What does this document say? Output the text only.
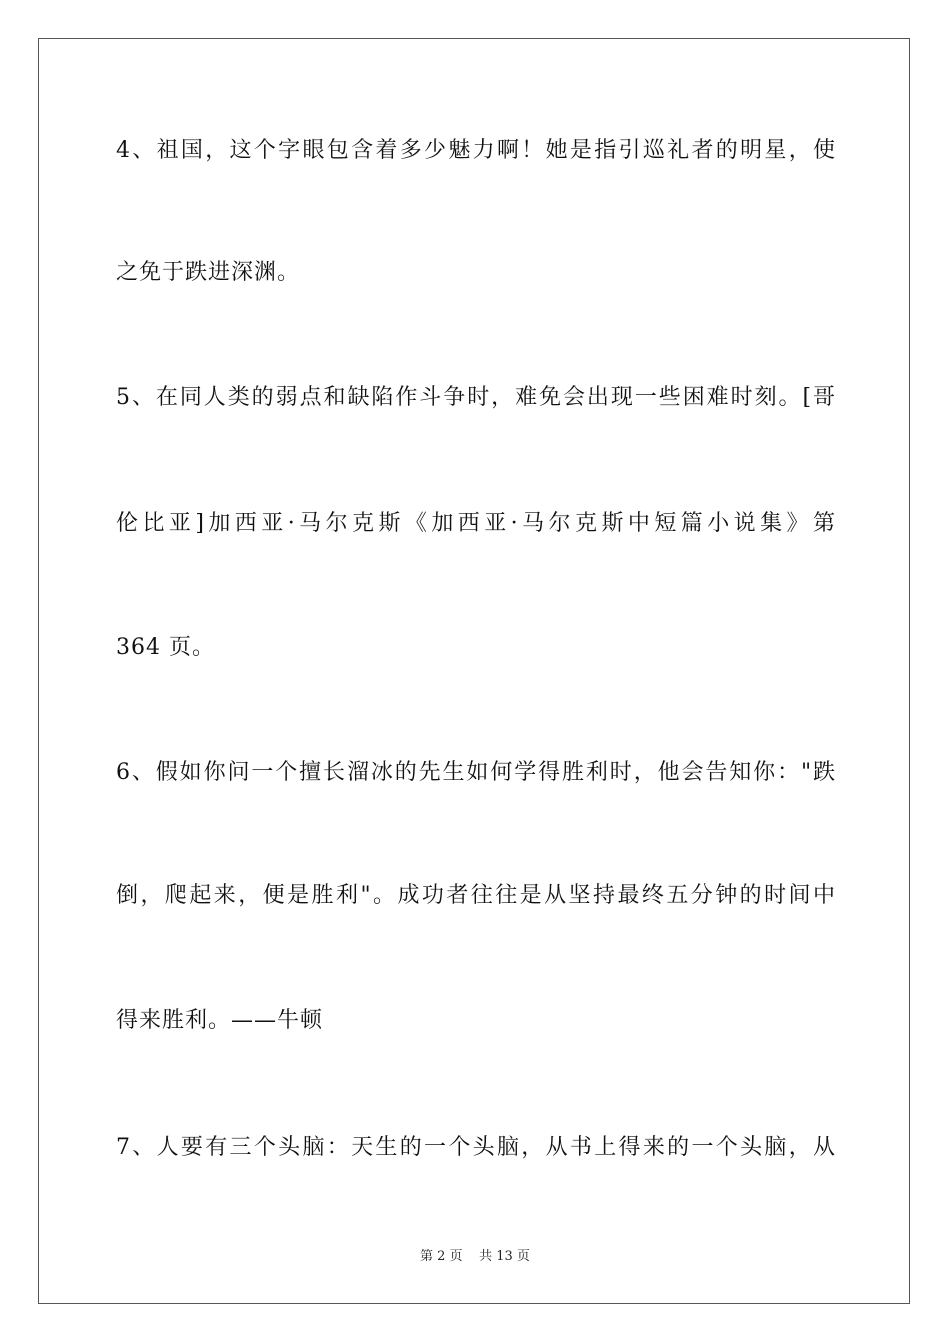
4、祖国，这个字眼包含着多少魅力啊！她是指引巡礼者的明星，使
之免于跌进深渊。
5、在同人类的弱点和缺陷作斗争时，难免会出现一些困难时刻。[哥
伦比亚]加西亚·马尔克斯《加西亚·马尔克斯中短篇小说集》第
364 页。
6、假如你问一个擅长溜冰的先生如何学得胜利时，他会告知你："跌
倒，爬起来，便是胜利"。成功者往往是从坚持最终五分钟的时间中
得来胜利。——牛顿
7、人要有三个头脑：天生的一个头脑，从书上得来的一个头脑，从
第 2 页 共 13 页
